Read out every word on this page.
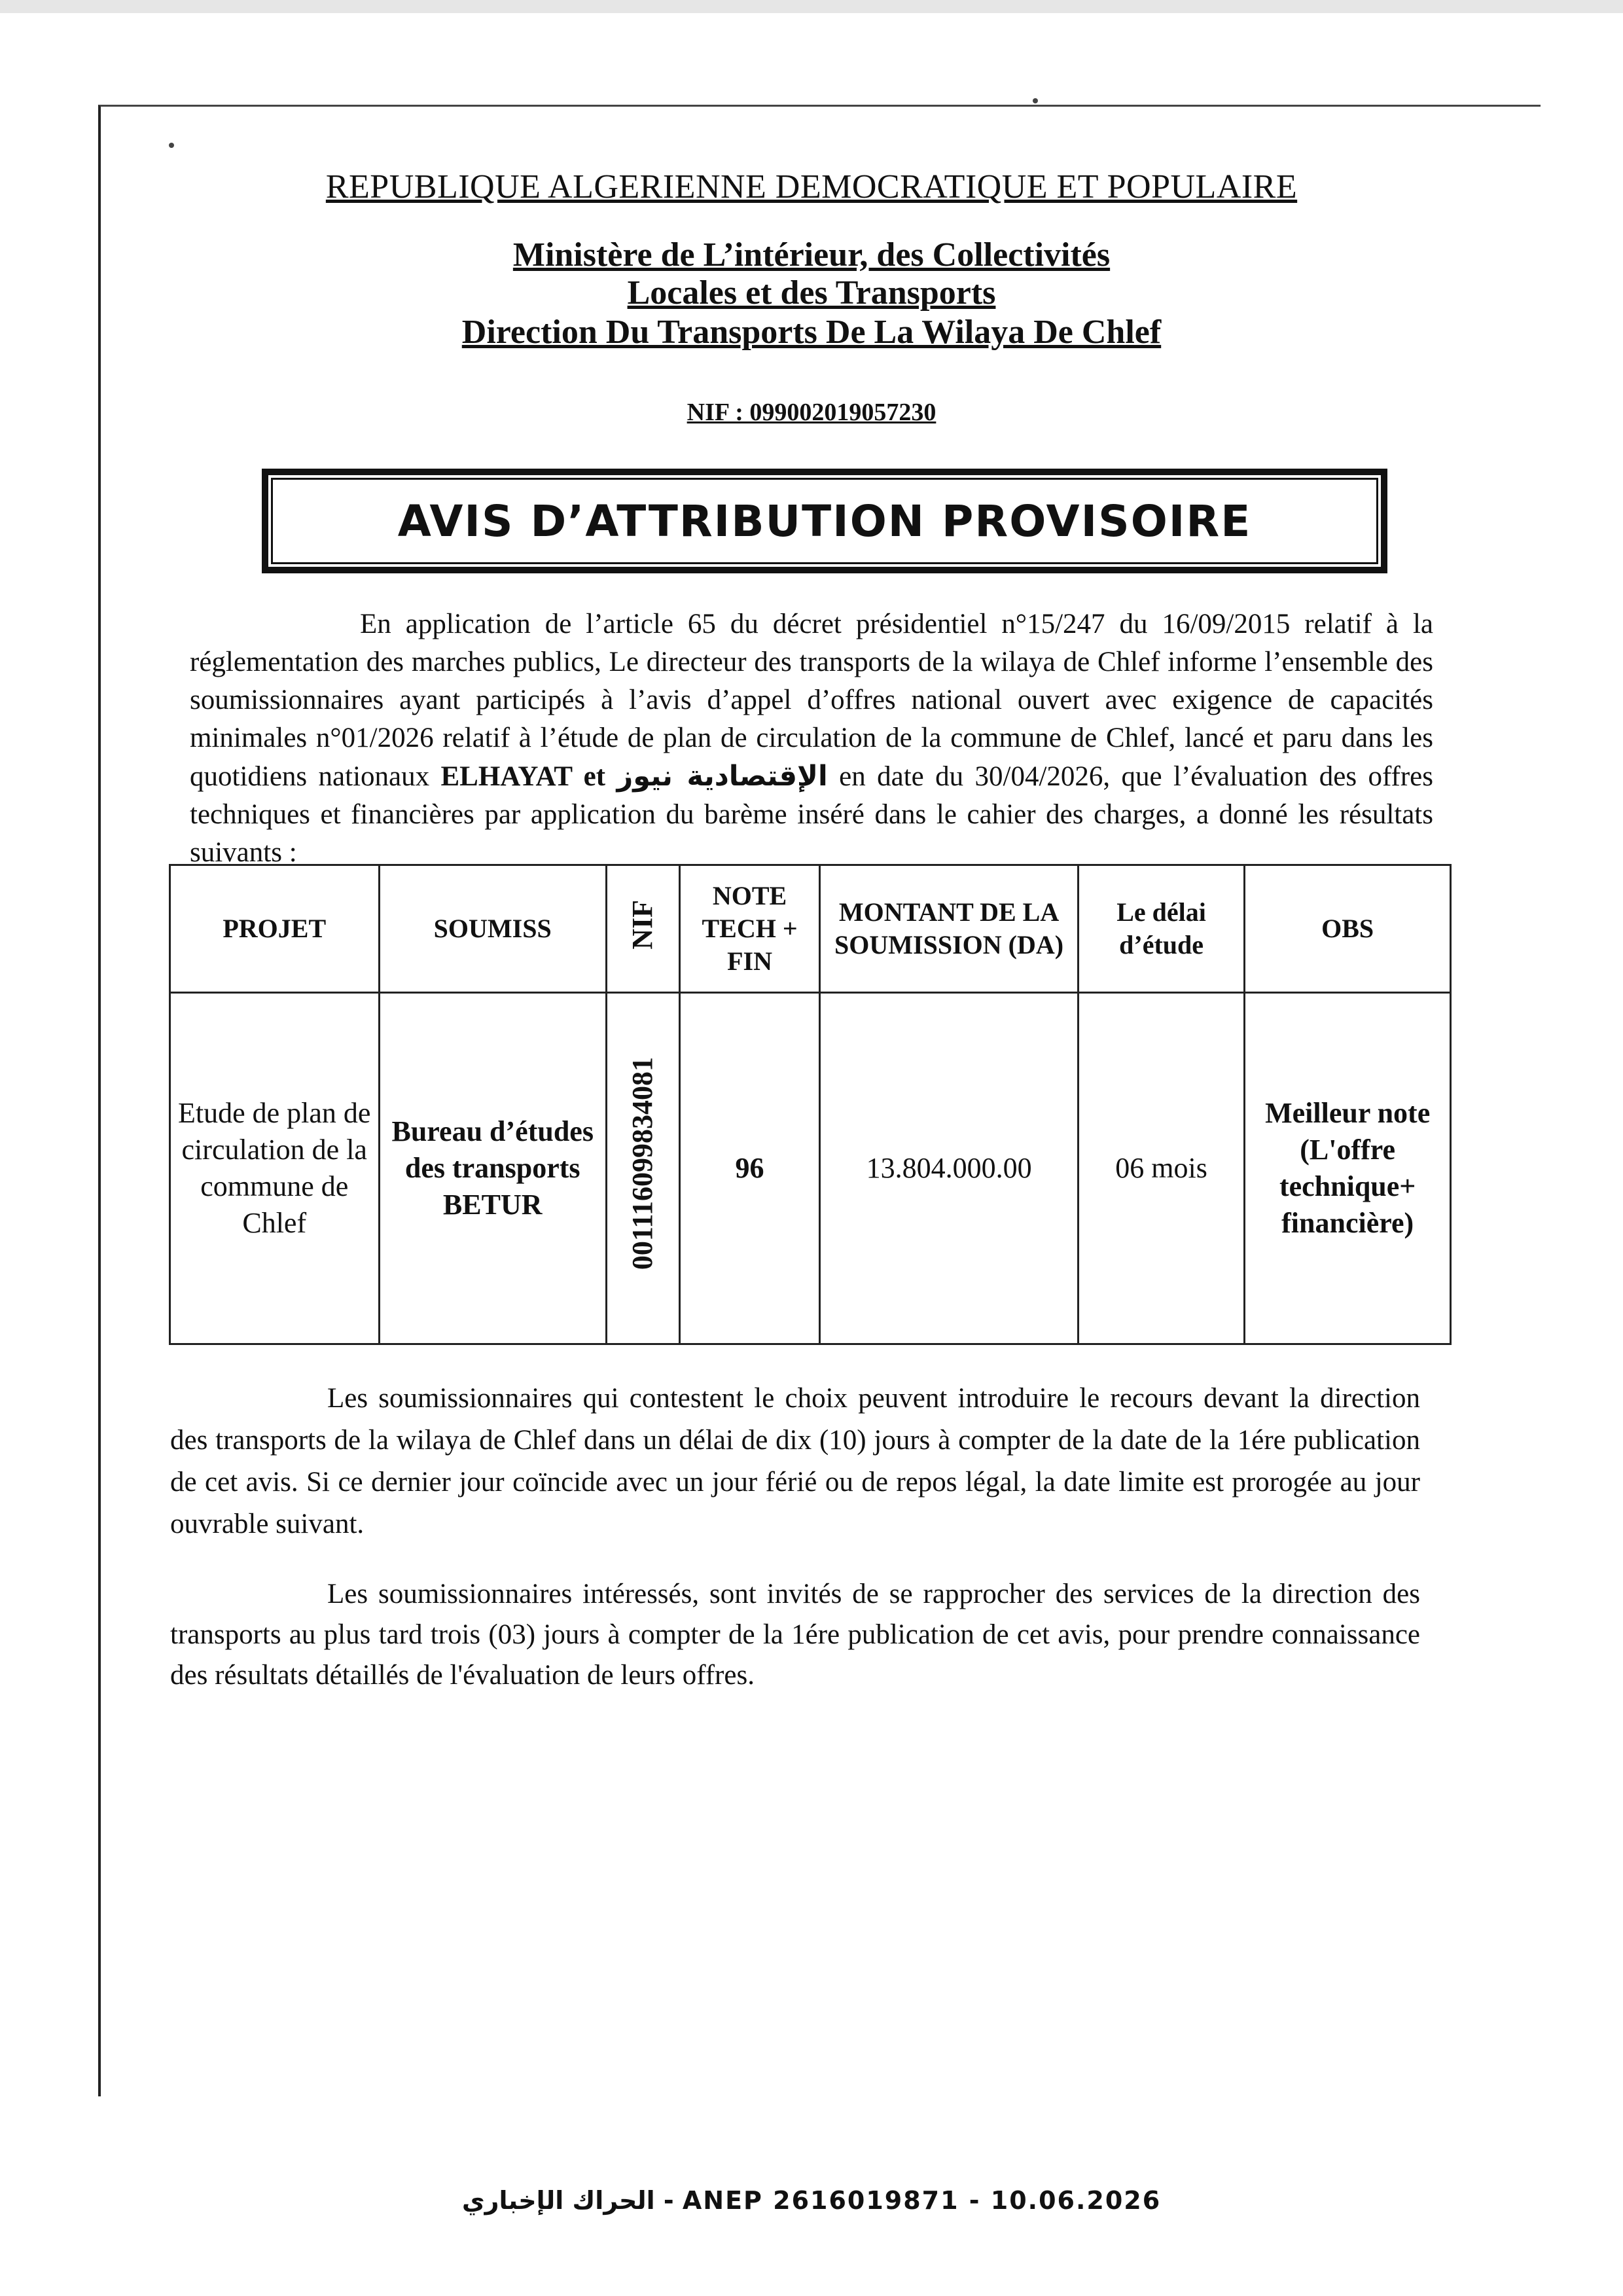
REPUBLIQUE ALGERIENNE DEMOCRATIQUE ET POPULAIRE
Ministère de L’intérieur, des Collectivités
Locales et des Transports
Direction Du Transports De La Wilaya De Chlef
NIF : 099002019057230
AVIS D’ATTRIBUTION PROVISOIRE
En application de l’article 65 du décret présidentiel n°15/247 du 16/09/2015 relatif à la réglementation des marches publics, Le directeur des transports de la wilaya de Chlef informe l’ensemble des soumissionnaires ayant participés à l’avis d’appel d’offres national ouvert avec exigence de capacités minimales n°01/2026 relatif à l’étude de plan de circulation de la commune de Chlef, lancé et paru dans les quotidiens nationaux ELHAYAT et الإقتصادية نيوز en date du 30/04/2026, que l’évaluation des offres techniques et financières par application du barème inséré dans le cahier des charges, a donné les résultats suivants :
PROJET	SOUMISS	NIF	NOTE TECH + FIN	MONTANT DE LA SOUMISSION (DA)	Le délai d’étude	OBS
Etude de plan de circulation de la commune de Chlef	Bureau d’études des transports BETUR	001116099834081	96	13.804.000.00	06 mois	Meilleur note (L'offre technique+ financière)
Les soumissionnaires qui contestent le choix peuvent introduire le recours devant la direction des transports de la wilaya de Chlef dans un délai de dix (10) jours à compter de la date de la 1ére publication de cet avis. Si ce dernier jour coïncide avec un jour férié ou de repos légal, la date limite est prorogée au jour ouvrable suivant.
Les soumissionnaires intéressés, sont invités de se rapprocher des services de la direction des transports au plus tard trois (03) jours à compter de la 1ére publication de cet avis, pour prendre connaissance des résultats détaillés de l'évaluation de leurs offres.
الحراك الإخباري - ANEP 2616019871 - 10.06.2026
